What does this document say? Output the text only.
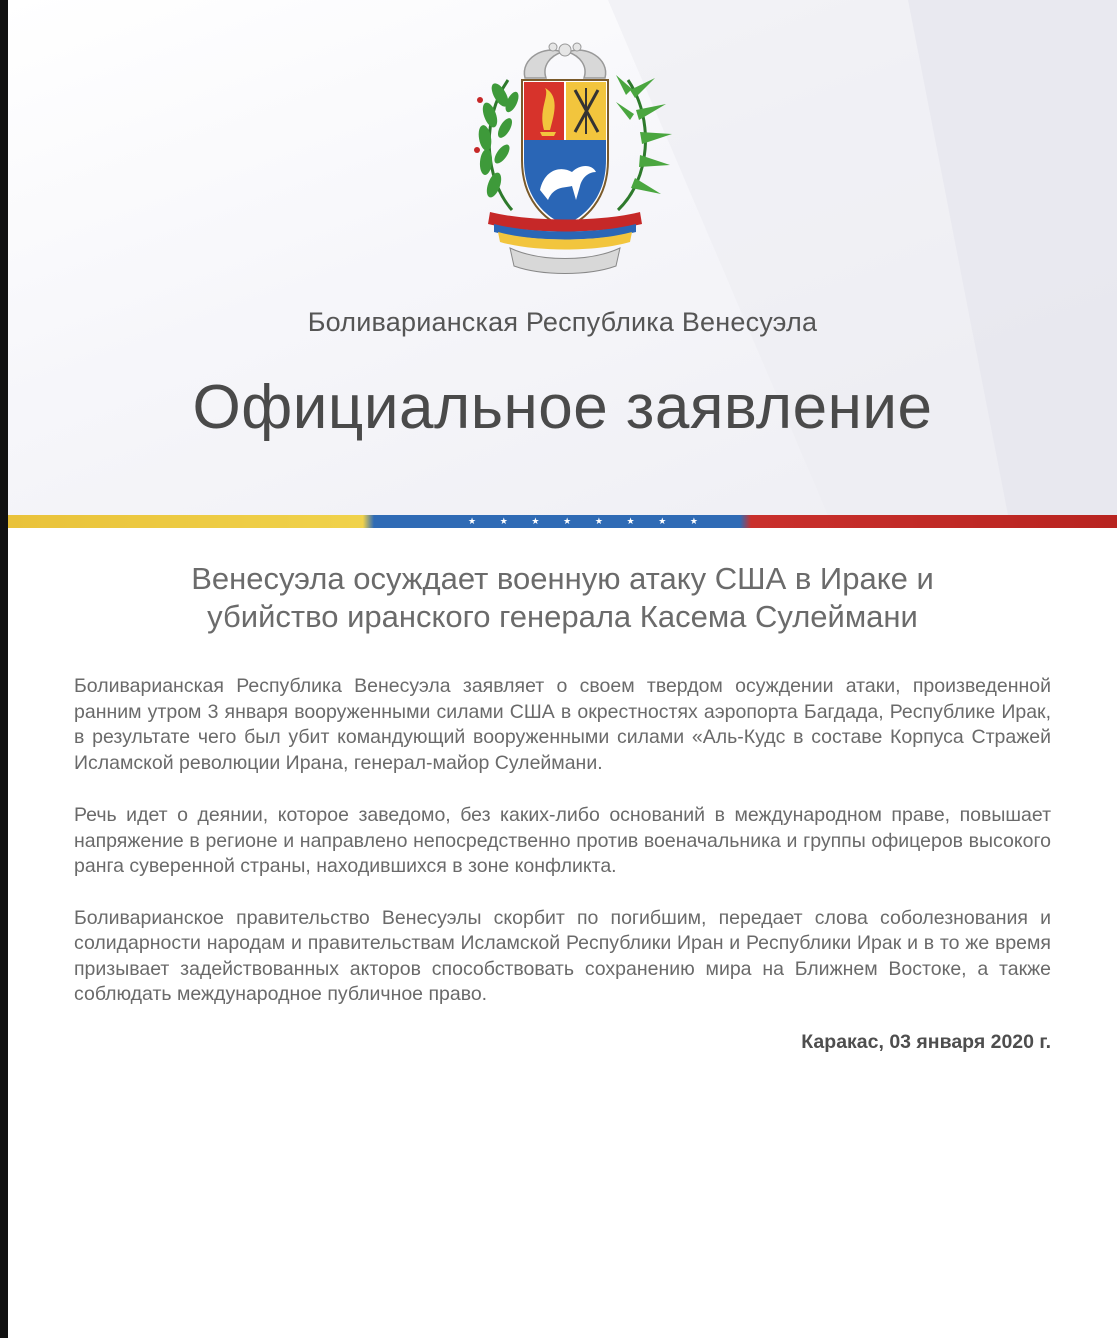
Боливарианская Республика Венесуэла
Официальное заявление
★	★	★	★	★	★	★	★
Венесуэла осуждает военную атаку США в Ираке и
убийство иранского генерала Касема Сулеймани

Боливарианская Республика Венесуэла заявляет о своем твердом осуждении атаки, произведенной ранним утром 3 января вооруженными силами США в окрестностях аэропорта Багдада, Республике Ирак, в результате чего был убит командующий вооруженными силами «Аль-Кудс в составе Корпуса Стражей Исламской революции Ирана, генерал-майор Сулеймани.

Речь идет о деянии, которое заведомо, без каких-либо оснований в международном праве, повышает напряжение в регионе и направлено непосредственно против военачальника и группы офицеров высокого ранга суверенной страны, находившихся в зоне конфликта.

Боливарианское правительство Венесуэлы скорбит по погибшим, передает слова соболезнования и солидарности народам и правительствам Исламской Республики Иран и Республики Ирак и в то же время призывает задействованных акторов способствовать сохранению мира на Ближнем Востоке, а также соблюдать международное публичное право.

Каракас, 03 января 2020 г.
